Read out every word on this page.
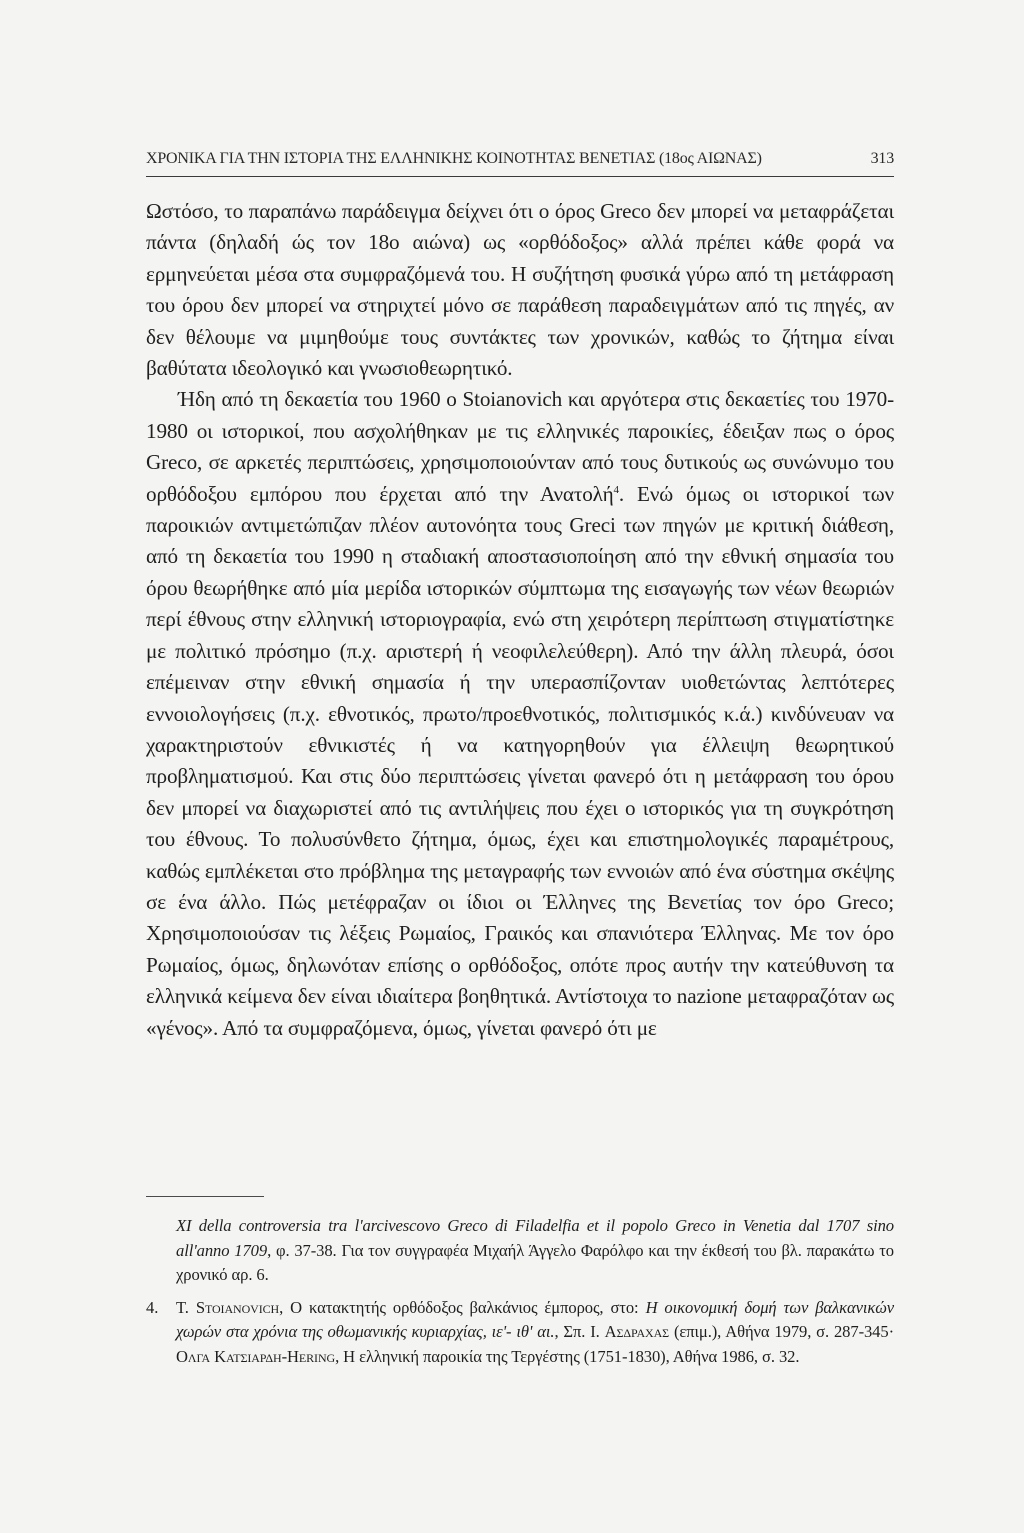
ΧΡΟΝΙΚΑ ΓΙΑ ΤΗΝ ΙΣΤΟΡΙΑ ΤΗΣ ΕΛΛΗΝΙΚΗΣ ΚΟΙΝΟΤΗΤΑΣ ΒΕΝΕΤΙΑΣ (18ος ΑΙΩΝΑΣ)	313

Ωστόσο, το παραπάνω παράδειγμα δείχνει ότι ο όρος Greco δεν μπορεί να μεταφράζεται πάντα (δηλαδή ώς τον 18ο αιώνα) ως «ορθόδοξος» αλλά πρέπει κάθε φορά να ερμηνεύεται μέσα στα συμφραζόμενά του. Η συζήτηση φυσικά γύρω από τη μετάφραση του όρου δεν μπορεί να στηριχτεί μόνο σε παράθεση παραδειγμάτων από τις πηγές, αν δεν θέλουμε να μιμηθούμε τους συντάκτες των χρονικών, καθώς το ζήτημα είναι βαθύτατα ιδεολογικό και γνωσιοθεωρητικό.

Ήδη από τη δεκαετία του 1960 ο Stoianovich και αργότερα στις δεκαετίες του 1970-1980 οι ιστορικοί, που ασχολήθηκαν με τις ελληνικές παροικίες, έδειξαν πως ο όρος Greco, σε αρκετές περιπτώσεις, χρησιμοποιούνταν από τους δυτικούς ως συνώνυμο του ορθόδοξου εμπόρου που έρχεται από την Ανατολή$^4$. Ενώ όμως οι ιστορικοί των παροικιών αντιμετώπιζαν πλέον αυτονόητα τους Greci των πηγών με κριτική διάθεση, από τη δεκαετία του 1990 η σταδιακή αποστασιοποίηση από την εθνική σημασία του όρου θεωρήθηκε από μία μερίδα ιστορικών σύμπτωμα της εισαγωγής των νέων θεωριών περί έθνους στην ελληνική ιστοριογραφία, ενώ στη χειρότερη περίπτωση στιγματίστηκε με πολιτικό πρόσημο (π.χ. αριστερή ή νεοφιλελεύθερη). Από την άλλη πλευρά, όσοι επέμειναν στην εθνική σημασία ή την υπερασπίζονταν υιοθετώντας λεπτότερες εννοιολογήσεις (π.χ. εθνοτικός, πρωτο/προεθνοτικός, πολιτισμικός κ.ά.) κινδύνευαν να χαρακτηριστούν εθνικιστές ή να κατηγορηθούν για έλλειψη θεωρητικού προβληματισμού. Και στις δύο περιπτώσεις γίνεται φανερό ότι η μετάφραση του όρου δεν μπορεί να διαχωριστεί από τις αντιλήψεις που έχει ο ιστορικός για τη συγκρότηση του έθνους. Το πολυσύνθετο ζήτημα, όμως, έχει και επιστημολογικές παραμέτρους, καθώς εμπλέκεται στο πρόβλημα της μεταγραφής των εννοιών από ένα σύστημα σκέψης σε ένα άλλο. Πώς μετέφραζαν οι ίδιοι οι Έλληνες της Βενετίας τον όρο Greco; Χρησιμοποιούσαν τις λέξεις Ρωμαίος, Γραικός και σπανιότερα Έλληνας. Με τον όρο Ρωμαίος, όμως, δηλωνόταν επίσης ο ορθόδοξος, οπότε προς αυτήν την κατεύθυνση τα ελληνικά κείμενα δεν είναι ιδιαίτερα βοηθητικά. Αντίστοιχα το nazione μεταφραζόταν ως «γένος». Από τα συμφραζόμενα, όμως, γίνεται φανερό ότι με

XI della controversia tra l'arcivescovo Greco di Filadelfia et il popolo Greco in Venetia dal 1707 sino all'anno 1709, φ. 37-38. Για τον συγγραφέα Μιχαήλ Άγγελο Φαρόλφο και την έκθεσή του βλ. παρακάτω το χρονικό αρ. 6.

4. Τ. Stoianovich, Ο κατακτητής ορθόδοξος βαλκάνιος έμπορος, στο: Η οικονομική δομή των βαλκανικών χωρών στα χρόνια της οθωμανικής κυριαρχίας, ιε'- ιθ' αι., Σπ. Ι. Ασδραχας (επιμ.), Αθήνα 1979, σ. 287-345· Ολγα Κατσιαρδη-Hering, Η ελληνική παροικία της Τεργέστης (1751-1830), Αθήνα 1986, σ. 32.
